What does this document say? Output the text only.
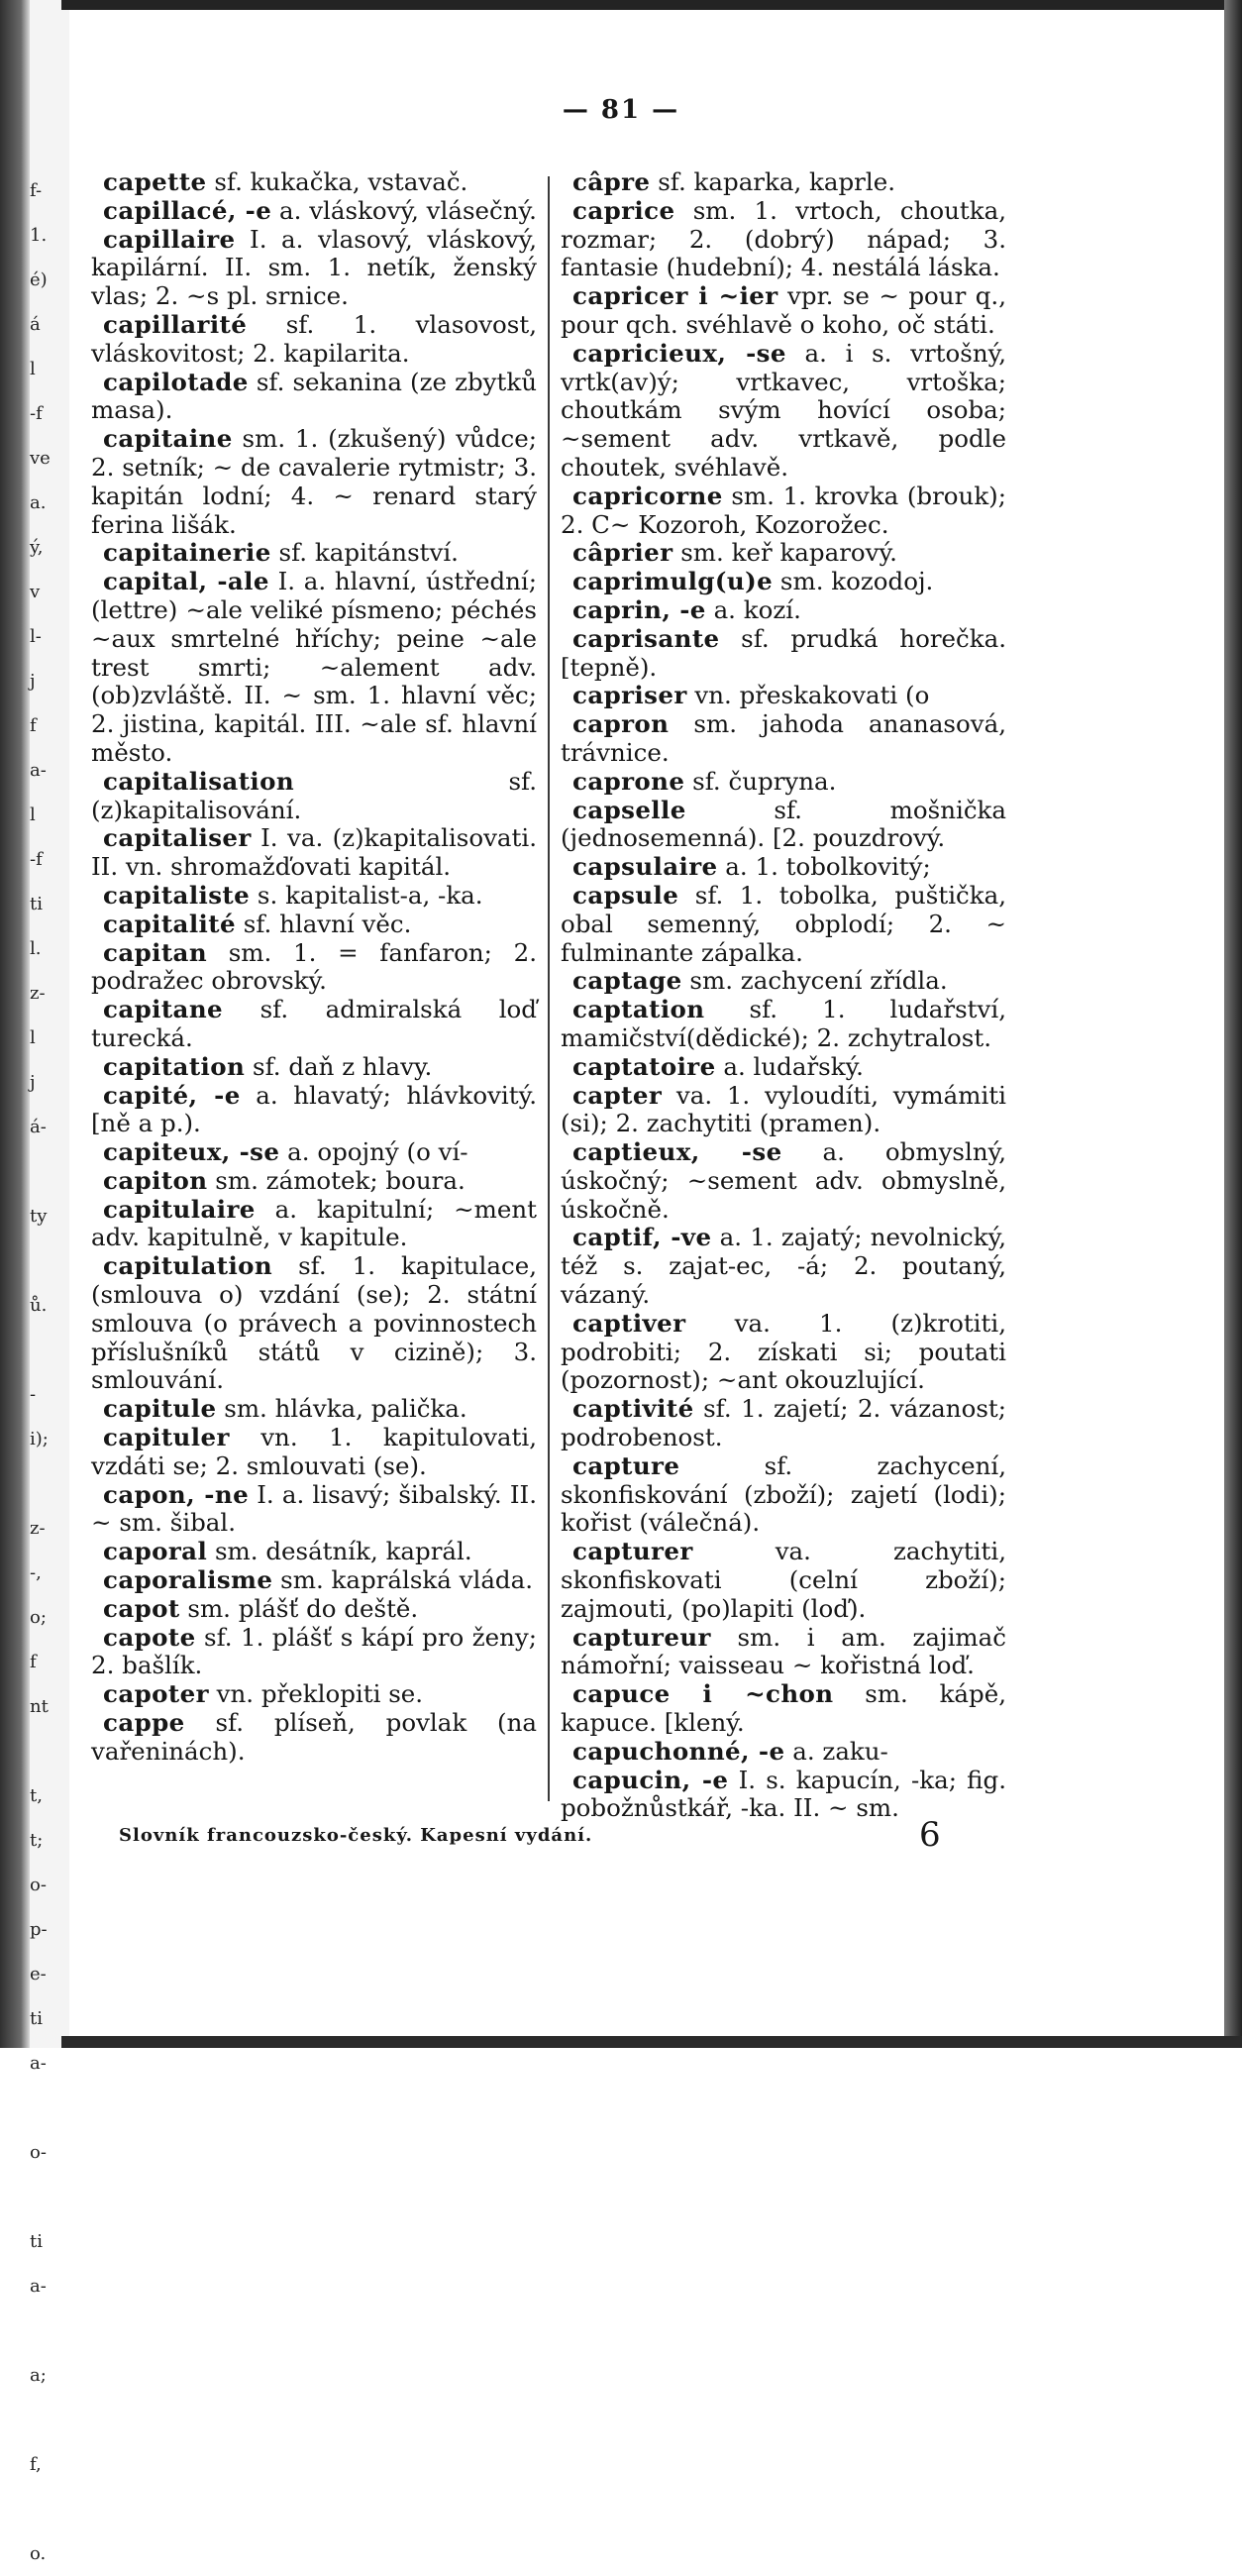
f-
1.
é)
á
l
-f
ve
a.
ý,
v
l-
j
f
a-
l
-f
ti
l.
z-
l
j
á-
ty
ů.
-
i);
z-
-,
o;
f
nt
t,
t;
o-
p-
e-
ti
a-
o-
ti
a-
a;
f,
o.
— 81 —
capette sf. kukačka, vstavač.
capillacé, -e a. vláskový, vlásečný.
capillaire I. a. vlasový, vláskový, kapilární. II. sm. 1. netík, ženský vlas; 2. ~s pl. srnice.
capillarité sf. 1. vlasovost, vláskovitost; 2. kapilarita.
capilotade sf. sekanina (ze zbytků masa).
capitaine sm. 1. (zkušený) vůdce; 2. setník; ~ de cavalerie rytmistr; 3. kapitán lodní; 4. ~ renard starý ferina lišák.
capitainerie sf. kapitánství.
capital, -ale I. a. hlavní, ústřední; (lettre) ~ale veliké písmeno; péchés ~aux smrtelné hříchy; peine ~ale trest smrti; ~alement adv. (ob)zvláště. II. ~ sm. 1. hlavní věc; 2. jistina, kapitál. III. ~ale sf. hlavní město.
capitalisation sf. (z)kapitalisování.
capitaliser I. va. (z)kapitalisovati. II. vn. shromažďovati kapitál.
capitaliste s. kapitalist-a, -ka.
capitalité sf. hlavní věc.
capitan sm. 1. = fanfaron; 2. podražec obrovský.
capitane sf. admiralská loď turecká.
capitation sf. daň z hlavy.
capité, -e a. hlavatý; hlávkovitý. [ně a p.).
capiteux, -se a. opojný (o ví-
capiton sm. zámotek; boura.
capitulaire a. kapitulní; ~ment adv. kapitulně, v kapitule.
capitulation sf. 1. kapitulace, (smlouva o) vzdání (se); 2. státní smlouva (o právech a povinnostech příslušníků států v cizině); 3. smlouvání.
capitule sm. hlávka, palička.
capituler vn. 1. kapitulovati, vzdáti se; 2. smlouvati (se).
capon, -ne I. a. lisavý; šibalský. II. ~ sm. šibal.
caporal sm. desátník, kaprál.
caporalisme sm. kaprálská vláda.
capot sm. plášť do deště.
capote sf. 1. plášť s kápí pro ženy; 2. bašlík.
capoter vn. překlopiti se.
cappe sf. plíseň, povlak (na vařeninách).
câpre sf. kaparka, kaprle.
caprice sm. 1. vrtoch, choutka, rozmar; 2. (dobrý) nápad; 3. fantasie (hudební); 4. nestálá láska.
capricer i ~ier vpr. se ~ pour q., pour qch. svéhlavě o koho, oč státi.
capricieux, -se a. i s. vrtošný, vrtk(av)ý; vrtkavec, vrtoška; choutkám svým hovící osoba; ~sement adv. vrtkavě, podle choutek, svéhlavě.
capricorne sm. 1. krovka (brouk); 2. C~ Kozoroh, Kozorožec.
câprier sm. keř kaparový.
caprimulg(u)e sm. kozodoj.
caprin, -e a. kozí.
caprisante sf. prudká horečka. [tepně).
capriser vn. přeskakovati (o
capron sm. jahoda ananasová, trávnice.
caprone sf. čupryna.
capselle sf. mošnička (jednosemenná). [2. pouzdrový.
capsulaire a. 1. tobolkovitý;
capsule sf. 1. tobolka, puštička, obal semenný, obplodí; 2. ~ fulminante zápalka.
captage sm. zachycení zřídla.
captation sf. 1. ludařství, mamičství(dědické); 2. zchytralost.
captatoire a. ludařský.
capter va. 1. vyloudíti, vymámiti (si); 2. zachytiti (pramen).
captieux, -se a. obmyslný, úskočný; ~sement adv. obmyslně, úskočně.
captif, -ve a. 1. zajatý; nevolnický, též s. zajat-ec, -á; 2. poutaný, vázaný.
captiver va. 1. (z)krotiti, podrobiti; 2. získati si; poutati (pozornost); ~ant okouzlující.
captivité sf. 1. zajetí; 2. vázanost; podrobenost.
capture sf. zachycení, skonfiskování (zboží); zajetí (lodi); kořist (válečná).
capturer va. zachytiti, skonfiskovati (celní zboží); zajmouti, (po)lapiti (loď).
captureur sm. i am. zajimač námořní; vaisseau ~ kořistná loď.
capuce i ~chon sm. kápě, kapuce. [klený.
capuchonné, -e a. zaku-
capucin, -e I. s. kapucín, -ka; fig. pobožnůstkář, -ka. II. ~ sm.
Slovník francouzsko-český. Kapesní vydání.	6
